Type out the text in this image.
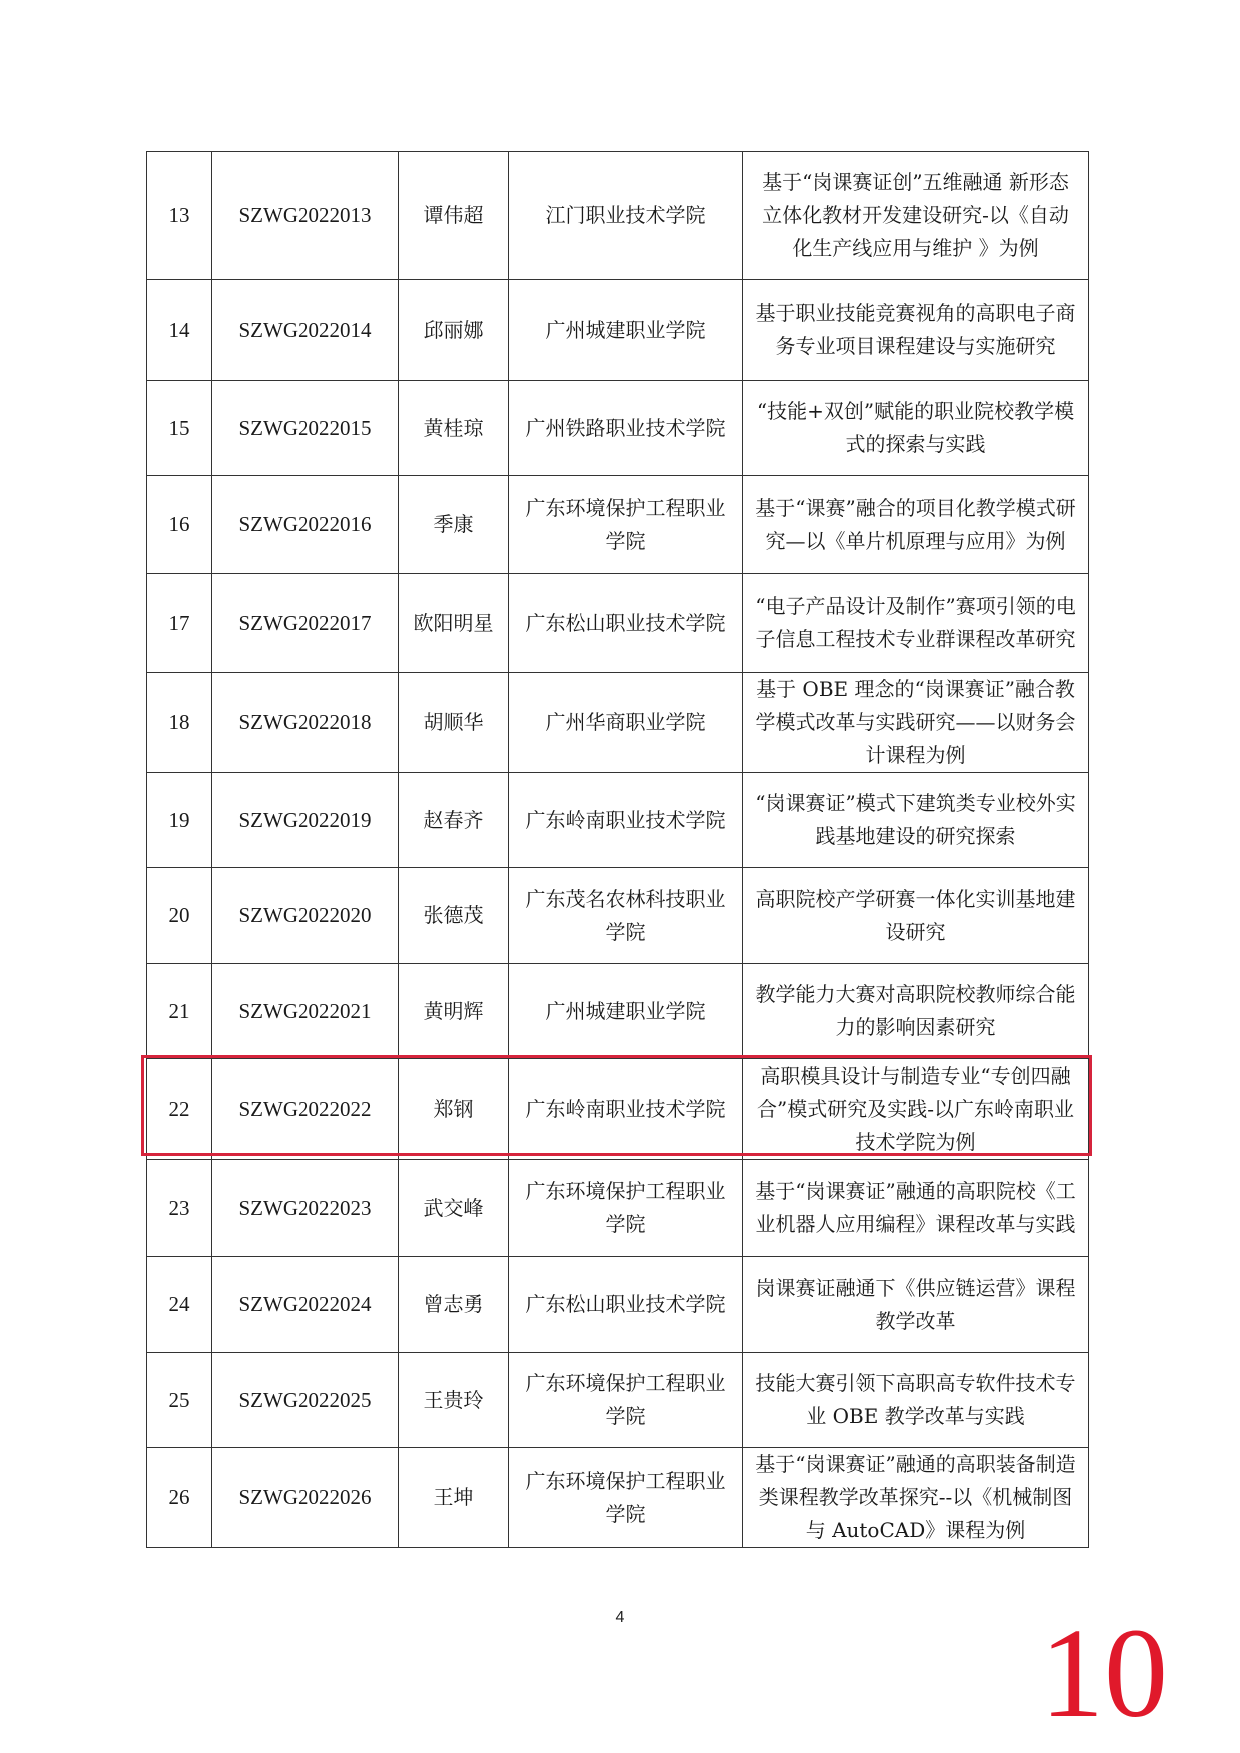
13	SZWG2022013	谭伟超	江门职业技术学院	基于“岗课赛证创”五维融通 新形态立体化教材开发建设研究-以《自动化生产线应用与维护 》为例
14	SZWG2022014	邱丽娜	广州城建职业学院	基于职业技能竞赛视角的高职电子商务专业项目课程建设与实施研究
15	SZWG2022015	黄桂琼	广州铁路职业技术学院	“技能+双创”赋能的职业院校教学模式的探索与实践
16	SZWG2022016	季康	广东环境保护工程职业学院	基于“课赛”融合的项目化教学模式研究—以《单片机原理与应用》为例
17	SZWG2022017	欧阳明星	广东松山职业技术学院	“电子产品设计及制作”赛项引领的电子信息工程技术专业群课程改革研究
18	SZWG2022018	胡顺华	广州华商职业学院	基于 OBE 理念的“岗课赛证”融合教学模式改革与实践研究——以财务会计课程为例
19	SZWG2022019	赵春齐	广东岭南职业技术学院	“岗课赛证”模式下建筑类专业校外实践基地建设的研究探索
20	SZWG2022020	张德茂	广东茂名农林科技职业学院	高职院校产学研赛一体化实训基地建设研究
21	SZWG2022021	黄明辉	广州城建职业学院	教学能力大赛对高职院校教师综合能力的影响因素研究
22	SZWG2022022	郑钢	广东岭南职业技术学院	高职模具设计与制造专业“专创四融合”模式研究及实践-以广东岭南职业技术学院为例
23	SZWG2022023	武交峰	广东环境保护工程职业学院	基于“岗课赛证”融通的高职院校《工业机器人应用编程》课程改革与实践
24	SZWG2022024	曾志勇	广东松山职业技术学院	岗课赛证融通下《供应链运营》课程教学改革
25	SZWG2022025	王贵玲	广东环境保护工程职业学院	技能大赛引领下高职高专软件技术专业 OBE 教学改革与实践
26	SZWG2022026	王坤	广东环境保护工程职业学院	基于“岗课赛证”融通的高职装备制造类课程教学改革探究--以《机械制图与 AutoCAD》课程为例
4	10
